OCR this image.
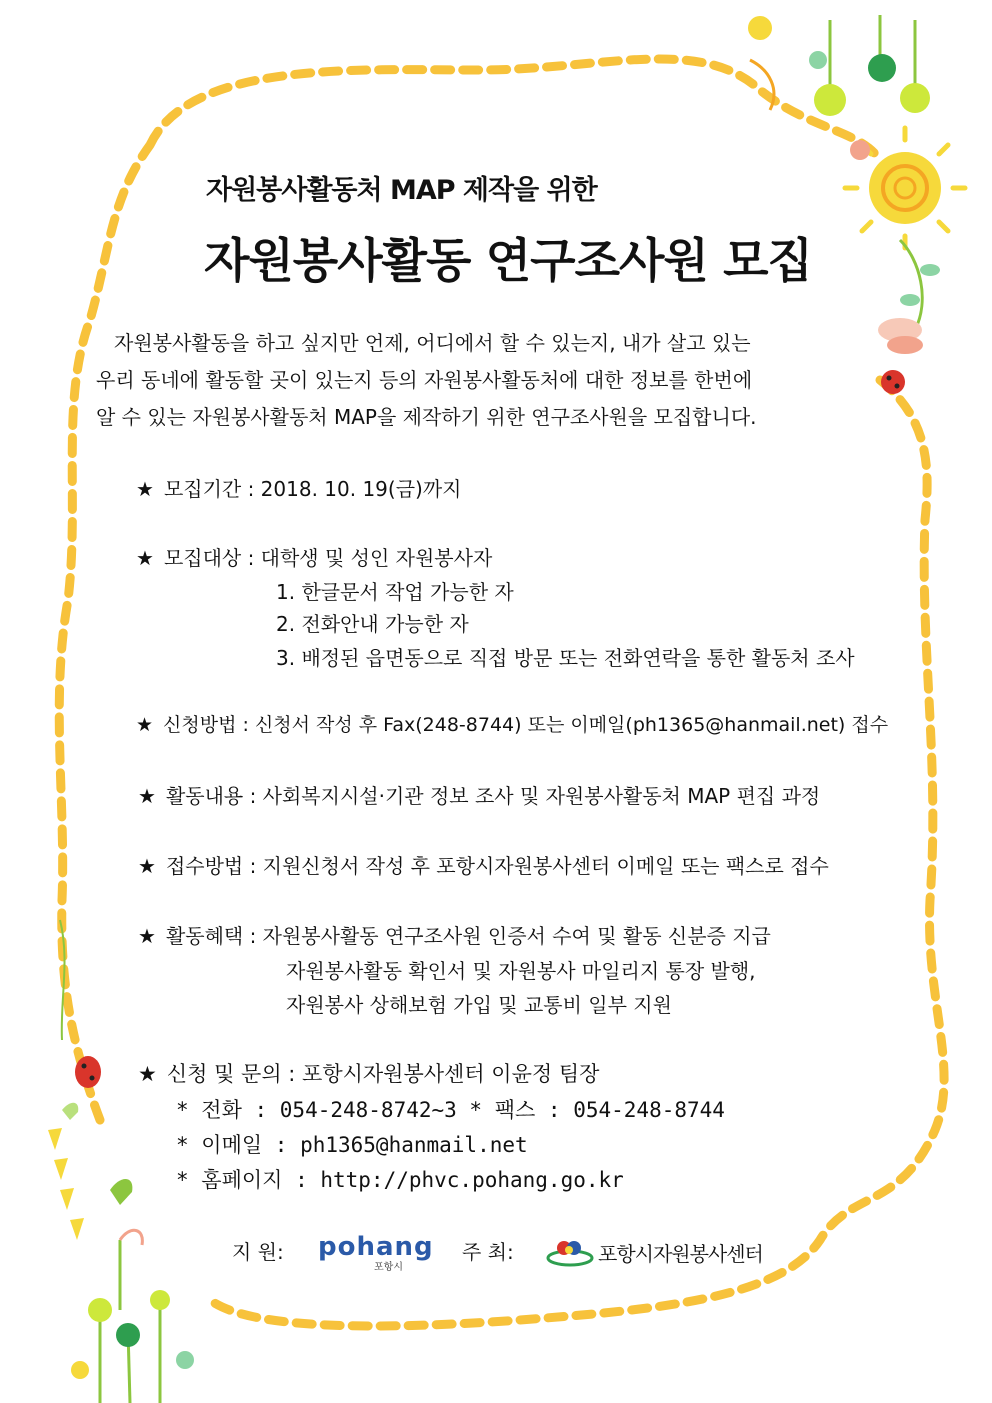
자원봉사활동처 MAP 제작을 위한
자원봉사활동 연구조사원 모집
자원봉사활동을 하고 싶지만 언제, 어디에서 할 수 있는지, 내가 살고 있는
우리 동네에 활동할 곳이 있는지 등의 자원봉사활동처에 대한 정보를 한번에
알 수 있는 자원봉사활동처 MAP을 제작하기 위한 연구조사원을 모집합니다.
★ 모집기간 : 2018. 10. 19(금)까지
★ 모집대상 : 대학생 및 성인 자원봉사자
1. 한글문서 작업 가능한 자
2. 전화안내 가능한 자
3. 배정된 읍면동으로 직접 방문 또는 전화연락을 통한 활동처 조사
★ 신청방법 : 신청서 작성 후 Fax(248-8744) 또는 이메일(ph1365@hanmail.net) 접수
★ 활동내용 : 사회복지시설·기관 정보 조사 및 자원봉사활동처 MAP 편집 과정
★ 접수방법 : 지원신청서 작성 후 포항시자원봉사센터 이메일 또는 팩스로 접수
★ 활동혜택 : 자원봉사활동 연구조사원 인증서 수여 및 활동 신분증 지급
자원봉사활동 확인서 및 자원봉사 마일리지 통장 발행,
자원봉사 상해보험 가입 및 교통비 일부 지원
★ 신청 및 문의 : 포항시자원봉사센터 이윤정 팀장
* 전화 : 054-248-8742~3 * 팩스 : 054-248-8744
* 이메일 : ph1365@hanmail.net
* 홈페이지 : http://phvc.pohang.go.kr
지 원: pohang
포항시
주 최:	포항시자원봉사센터
